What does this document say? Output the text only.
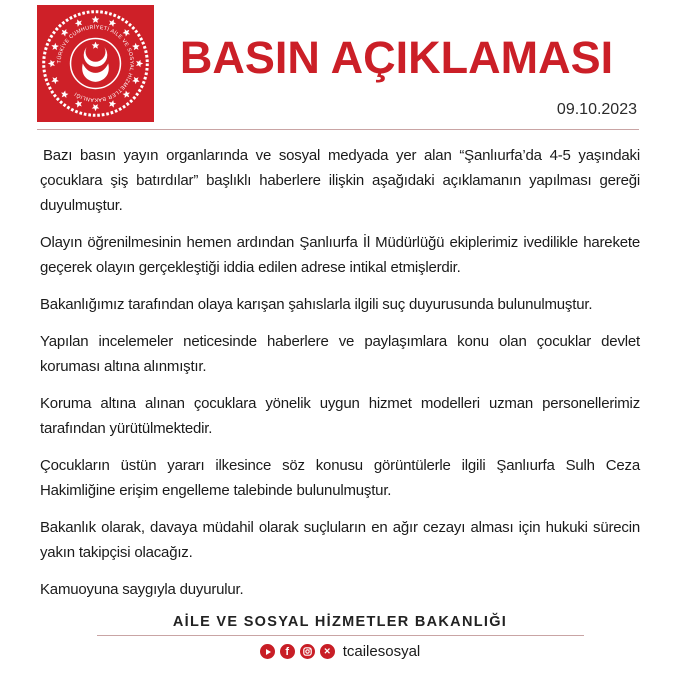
TÜRKİYE CUMHURİYETİ AİLE VE SOSYAL HİZMETLER BAKANLIĞI
BASIN AÇIKLAMASI
09.10.2023

Bazı basın yayın organlarında ve sosyal medyada yer alan “Şanlıurfa’da 4-5 yaşındaki çocuklara şiş batırdılar” başlıklı haberlere ilişkin aşağıdaki açıklamanın yapılması gereği duyulmuştur.

Olayın öğrenilmesinin hemen ardından Şanlıurfa İl Müdürlüğü ekiplerimiz ivedilikle harekete geçerek olayın gerçekleştiği iddia edilen adrese intikal etmişlerdir.

Bakanlığımız tarafından olaya karışan şahıslarla ilgili suç duyurusunda bulunulmuştur.

Yapılan incelemeler neticesinde haberlere ve paylaşımlara konu olan çocuklar devlet koruması altına alınmıştır.

Koruma altına alınan çocuklara yönelik uygun hizmet modelleri uzman personellerimiz tarafından yürütülmektedir.

Çocukların üstün yararı ilkesince söz konusu görüntülerle ilgili Şanlıurfa Sulh Ceza Hakimliğine erişim engelleme talebinde bulunulmuştur.

Bakanlık olarak, davaya müdahil olarak suçluların en ağır cezayı alması için hukuki sürecin yakın takipçisi olacağız.

Kamuoyuna saygıyla duyurulur.

AİLE VE SOSYAL HİZMETLER BAKANLIĞI
f
✕
tcailesosyal
